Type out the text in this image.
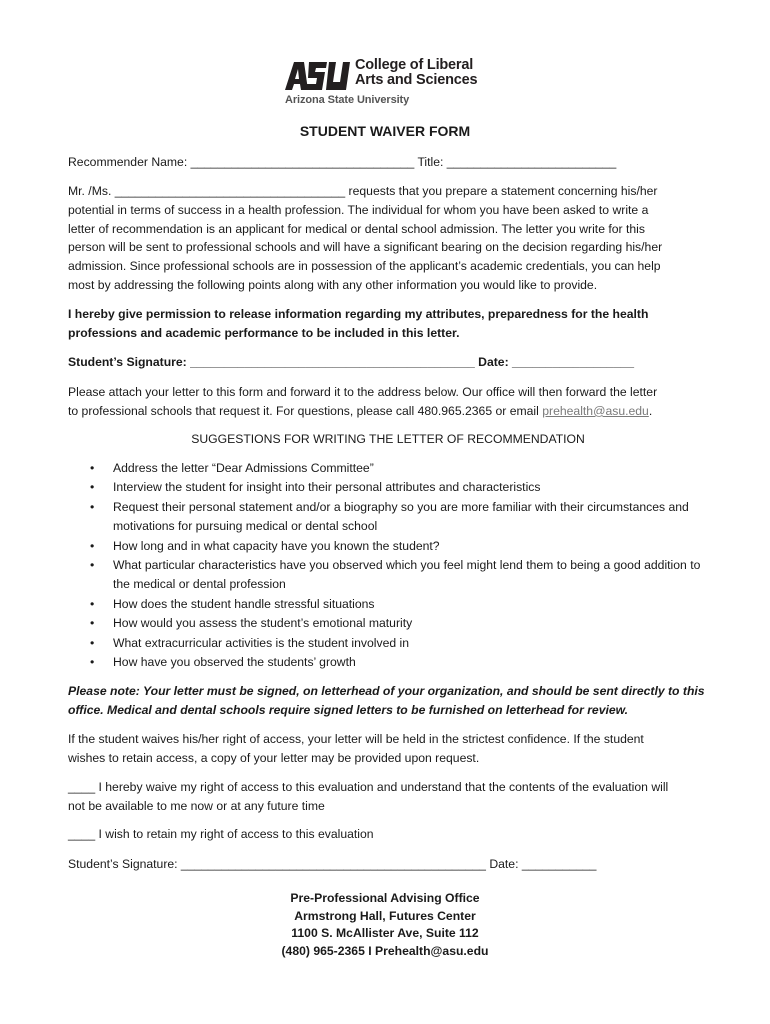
College of Liberal
Arts and Sciences
Arizona State University
STUDENT WAIVER FORM
Recommender Name: _________________________________ Title: _________________________
Mr. /Ms. __________________________________ requests that you prepare a statement concerning his/her
potential in terms of success in a health profession. The individual for whom you have been asked to write a
letter of recommendation is an applicant for medical or dental school admission. The letter you write for this
person will be sent to professional schools and will have a significant bearing on the decision regarding his/her
admission. Since professional schools are in possession of the applicant’s academic credentials, you can help
most by addressing the following points along with any other information you would like to provide.
I hereby give permission to release information regarding my attributes, preparedness for the health
professions and academic performance to be included in this letter.
Student’s Signature: __________________________________________ Date: __________________
Please attach your letter to this form and forward it to the address below. Our office will then forward the letter
to professional schools that request it. For questions, please call 480.965.2365 or email prehealth@asu.edu.
SUGGESTIONS FOR WRITING THE LETTER OF RECOMMENDATION
• Address the letter “Dear Admissions Committee”
• Interview the student for insight into their personal attributes and characteristics
• Request their personal statement and/or a biography so you are more familiar with their circumstances and motivations for pursuing medical or dental school
• How long and in what capacity have you known the student?
• What particular characteristics have you observed which you feel might lend them to being a good addition to the medical or dental profession
• How does the student handle stressful situations
• How would you assess the student’s emotional maturity
• What extracurricular activities is the student involved in
• How have you observed the students’ growth
Please note: Your letter must be signed, on letterhead of your organization, and should be sent directly to this
office. Medical and dental schools require signed letters to be furnished on letterhead for review.
If the student waives his/her right of access, your letter will be held in the strictest confidence. If the student
wishes to retain access, a copy of your letter may be provided upon request.
____ I hereby waive my right of access to this evaluation and understand that the contents of the evaluation will
not be available to me now or at any future time
____ I wish to retain my right of access to this evaluation
Student’s Signature: _____________________________________________ Date: ___________
Pre-Professional Advising Office
Armstrong Hall, Futures Center
1100 S. McAllister Ave, Suite 112
(480) 965-2365 I Prehealth@asu.edu
